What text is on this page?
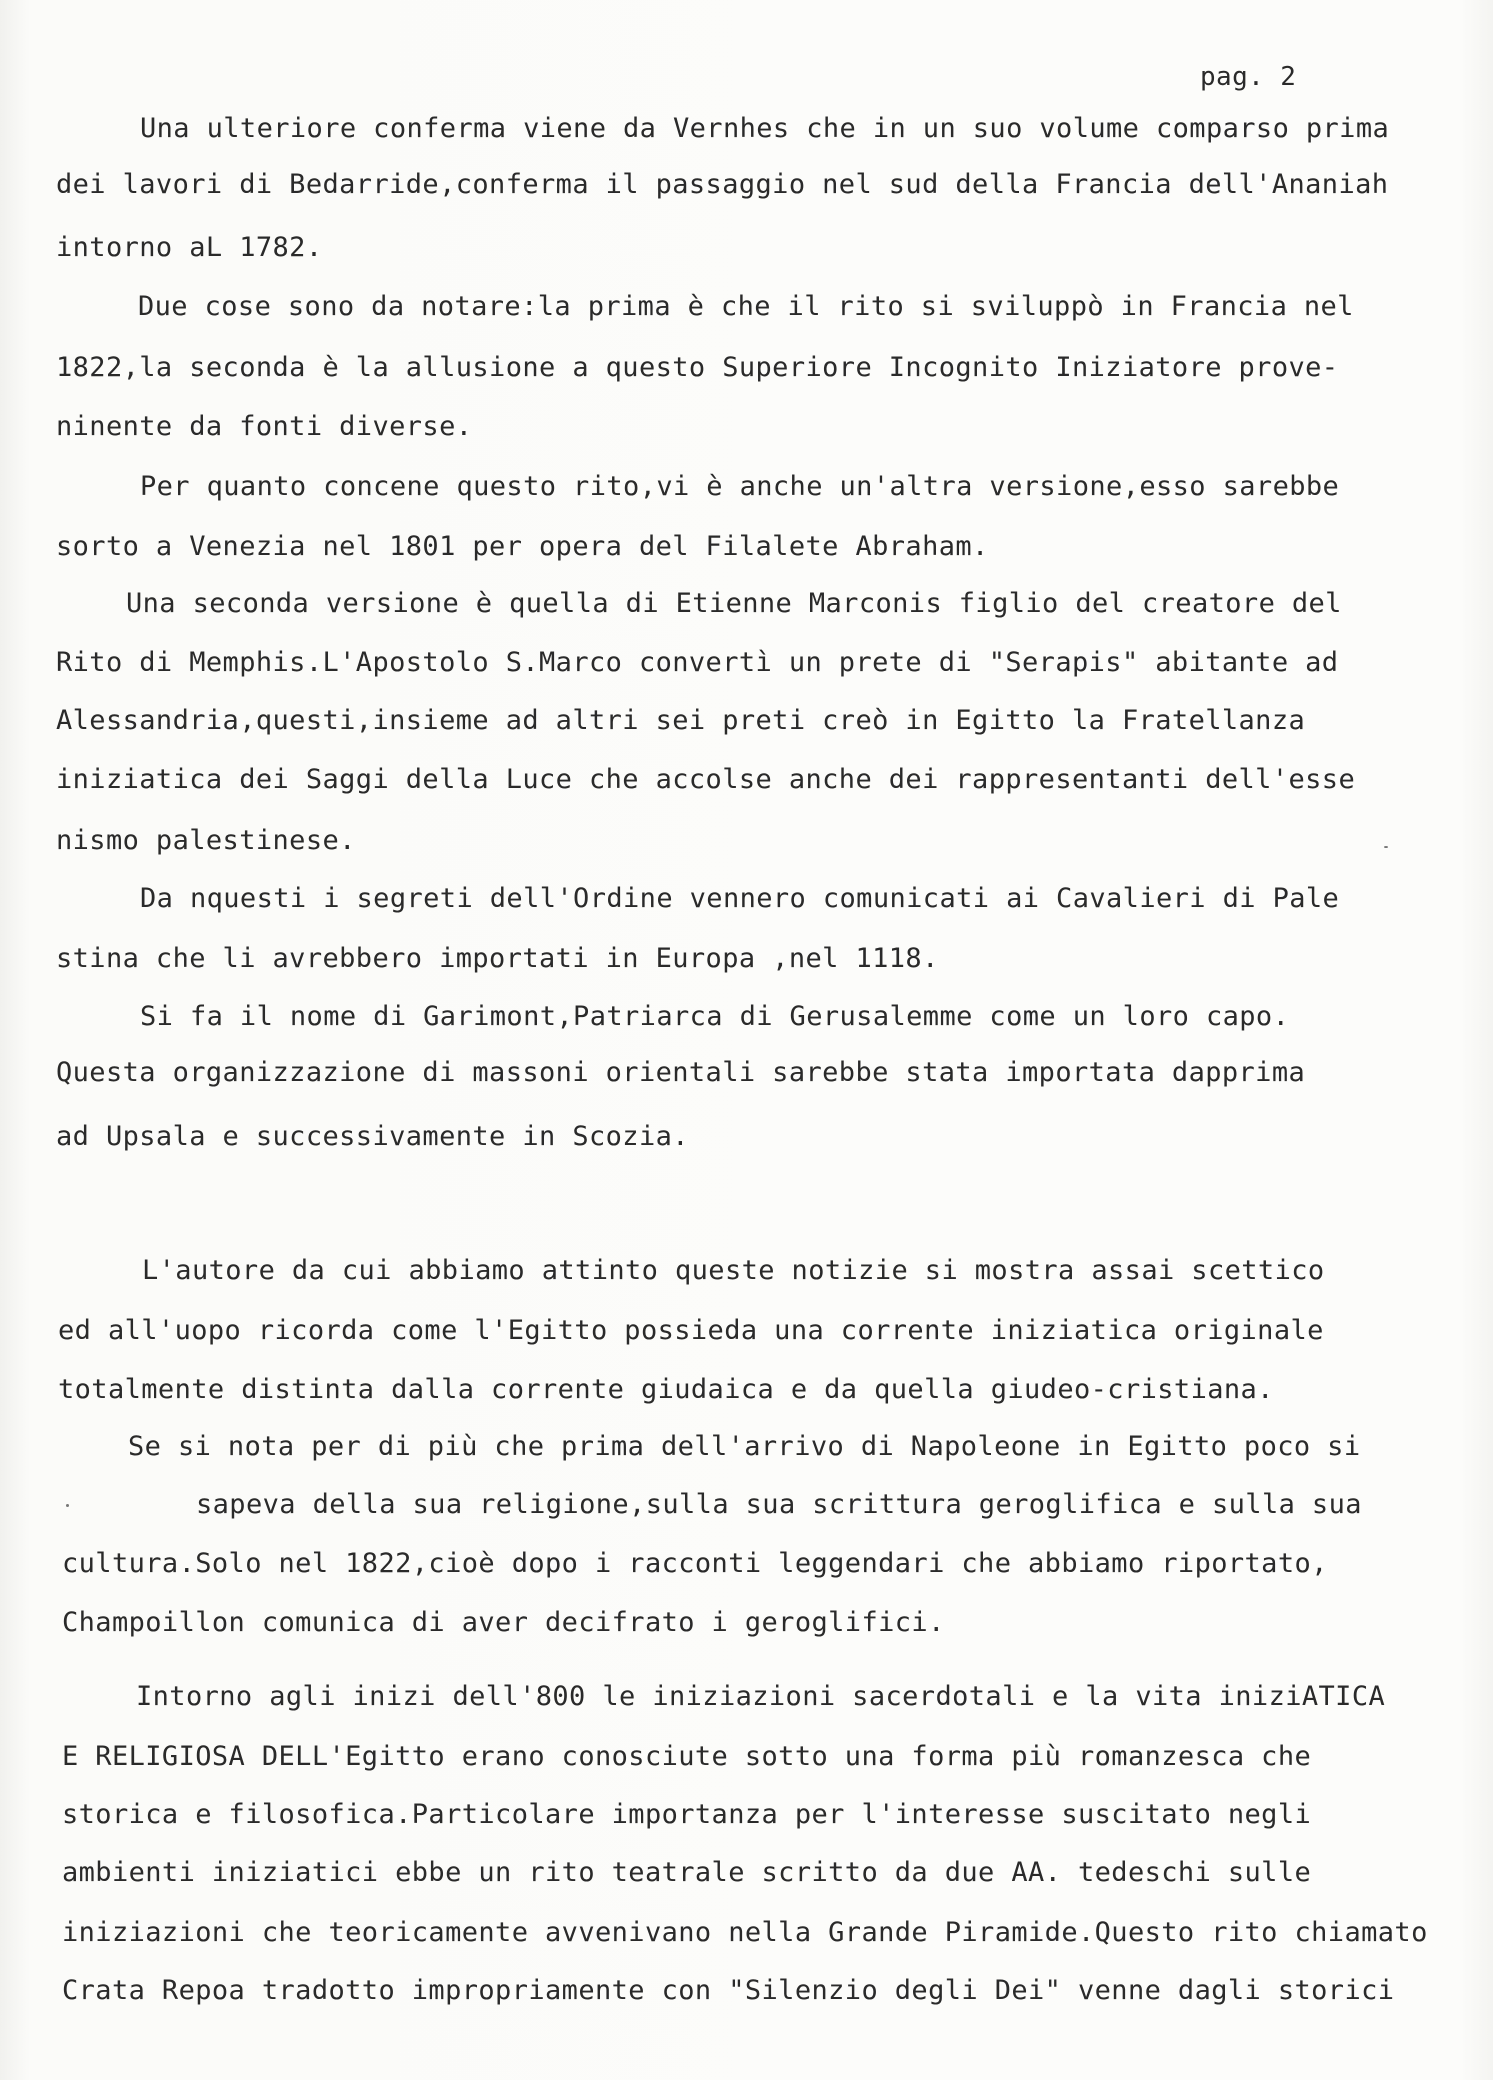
pag. 2
Una ulteriore conferma viene da Vernhes che in un suo volume comparso prima
dei lavori di Bedarride,conferma il passaggio nel sud della Francia dell'Ananiah
intorno aL 1782.
Due cose sono da notare:la prima è che il rito si sviluppò in Francia nel
1822,la seconda è la allusione a questo Superiore Incognito Iniziatore prove-
ninente da fonti diverse.
Per quanto concene questo rito,vi è anche un'altra versione,esso sarebbe
sorto a Venezia nel 1801 per opera del Filalete Abraham.
Una seconda versione è quella di Etienne Marconis figlio del creatore del
Rito di Memphis.L'Apostolo S.Marco convertì un prete di "Serapis" abitante ad
Alessandria,questi,insieme ad altri sei preti creò in Egitto la Fratellanza
iniziatica dei Saggi della Luce che accolse anche dei rappresentanti dell'esse
nismo palestinese.
Da nquesti i segreti dell'Ordine vennero comunicati ai Cavalieri di Pale
stina che li avrebbero importati in Europa ,nel 1118.
Si fa il nome di Garimont,Patriarca di Gerusalemme come un loro capo.
Questa organizzazione di massoni orientali sarebbe stata importata dapprima
ad Upsala e successivamente in Scozia.
L'autore da cui abbiamo attinto queste notizie si mostra assai scettico
ed all'uopo ricorda come l'Egitto possieda una corrente iniziatica originale
totalmente distinta dalla corrente giudaica e da quella giudeo-cristiana.
Se si nota per di più che prima dell'arrivo di Napoleone in Egitto poco si
sapeva della sua religione,sulla sua scrittura geroglifica e sulla sua
cultura.Solo nel 1822,cioè dopo i racconti leggendari che abbiamo riportato,
Champoillon comunica di aver decifrato i geroglifici.
Intorno agli inizi dell'800 le iniziazioni sacerdotali e la vita iniziATICA
E RELIGIOSA DELL'Egitto erano conosciute sotto una forma più romanzesca che
storica e filosofica.Particolare importanza per l'interesse suscitato negli
ambienti iniziatici ebbe un rito teatrale scritto da due AA. tedeschi sulle
iniziazioni che teoricamente avvenivano nella Grande Piramide.Questo rito chiamato
Crata Repoa tradotto impropriamente con "Silenzio degli Dei" venne dagli storici
